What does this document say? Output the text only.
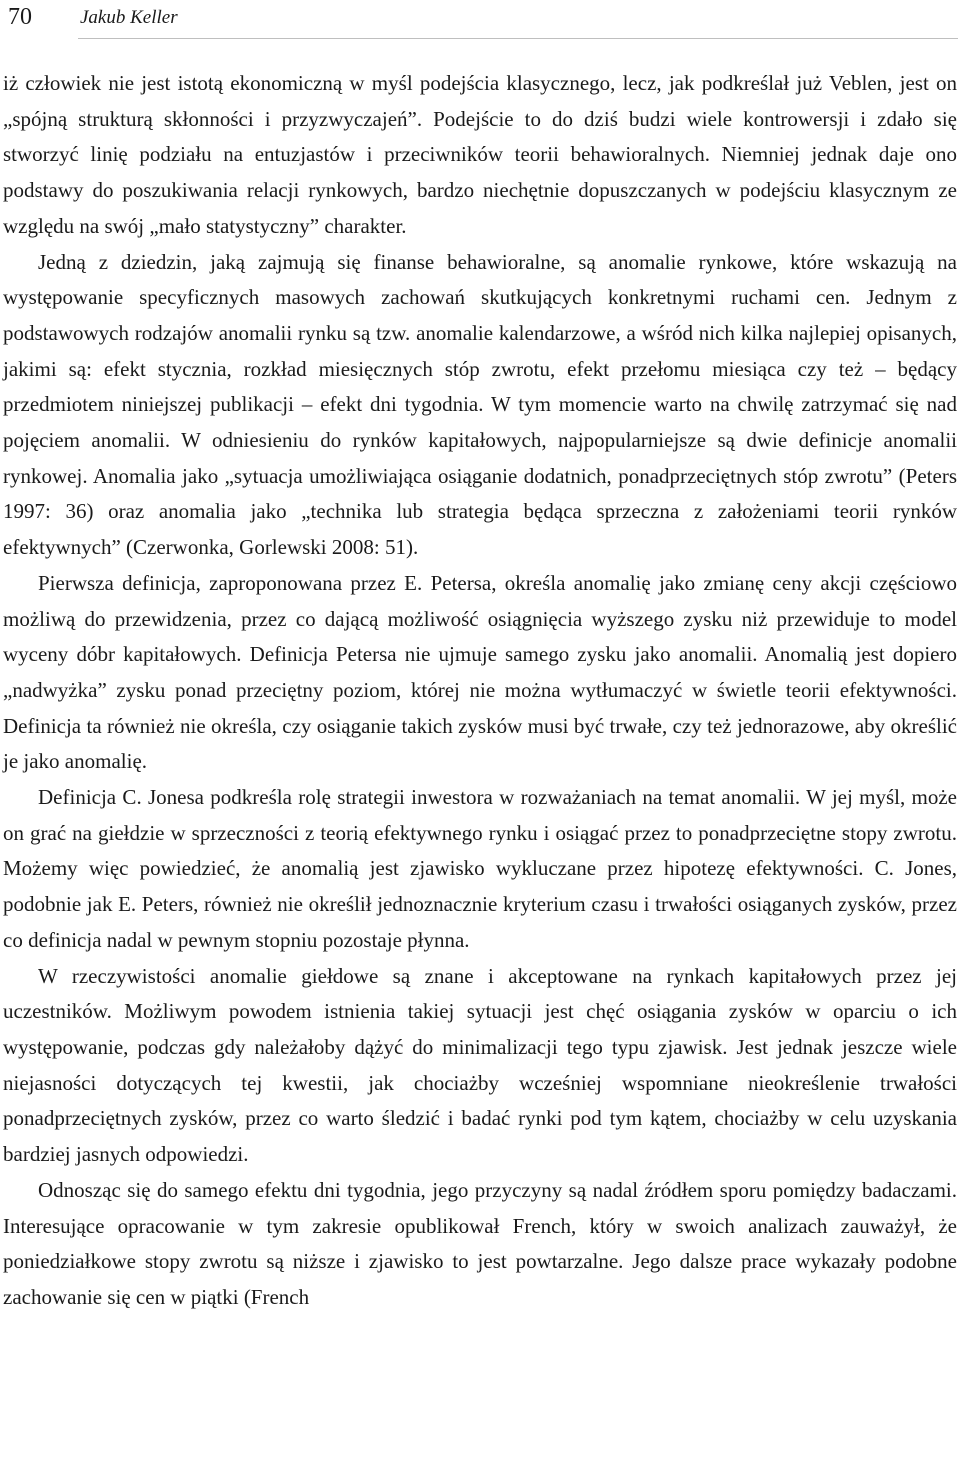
70	Jakub Keller

iż człowiek nie jest istotą ekonomiczną w myśl podejścia klasycznego, lecz, jak podkreślał już Veblen, jest on „spójną strukturą skłonności i przyzwyczajeń”. Podejście to do dziś budzi wiele kontrowersji i zdało się stworzyć linię podziału na entuzjastów i przeciwników teorii behawioralnych. Niemniej jednak daje ono podstawy do poszukiwania relacji rynkowych, bardzo niechętnie dopuszczanych w podejściu klasycznym ze względu na swój „mało statystyczny” charakter.

Jedną z dziedzin, jaką zajmują się finanse behawioralne, są anomalie rynkowe, które wskazują na występowanie specyficznych masowych zachowań skutkujących konkretnymi ruchami cen. Jednym z podstawowych rodzajów anomalii rynku są tzw. anomalie kalendarzowe, a wśród nich kilka najlepiej opisanych, jakimi są: efekt stycznia, rozkład miesięcznych stóp zwrotu, efekt przełomu miesiąca czy też – będący przedmiotem niniejszej publikacji – efekt dni tygodnia. W tym momencie warto na chwilę zatrzymać się nad pojęciem anomalii. W odniesieniu do rynków kapitałowych, najpopularniejsze są dwie definicje anomalii rynkowej. Anomalia jako „sytuacja umożliwiająca osiąganie dodatnich, ponadprzeciętnych stóp zwrotu” (Peters 1997: 36) oraz anomalia jako „technika lub strategia będąca sprzeczna z założeniami teorii rynków efektywnych” (Czerwonka, Gorlewski 2008: 51).

Pierwsza definicja, zaproponowana przez E. Petersa, określa anomalię jako zmianę ceny akcji częściowo możliwą do przewidzenia, przez co dającą możliwość osiągnięcia wyższego zysku niż przewiduje to model wyceny dóbr kapitałowych. Definicja Petersa nie ujmuje samego zysku jako anomalii. Anomalią jest dopiero „nadwyżka” zysku ponad przeciętny poziom, której nie można wytłumaczyć w świetle teorii efektywności. Definicja ta również nie określa, czy osiąganie takich zysków musi być trwałe, czy też jednorazowe, aby określić je jako anomalię.

Definicja C. Jonesa podkreśla rolę strategii inwestora w rozważaniach na temat anomalii. W jej myśl, może on grać na giełdzie w sprzeczności z teorią efektywnego rynku i osiągać przez to ponadprzeciętne stopy zwrotu. Możemy więc powiedzieć, że anomalią jest zjawisko wykluczane przez hipotezę efektywności. C. Jones, podobnie jak E. Peters, również nie określił jednoznacznie kryterium czasu i trwałości osiąganych zysków, przez co definicja nadal w pewnym stopniu pozostaje płynna.

W rzeczywistości anomalie giełdowe są znane i akceptowane na rynkach kapitałowych przez jej uczestników. Możliwym powodem istnienia takiej sytuacji jest chęć osiągania zysków w oparciu o ich występowanie, podczas gdy należałoby dążyć do minimalizacji tego typu zjawisk. Jest jednak jeszcze wiele niejasności dotyczących tej kwestii, jak chociażby wcześniej wspomniane nieokreślenie trwałości ponadprzeciętnych zysków, przez co warto śledzić i badać rynki pod tym kątem, chociażby w celu uzyskania bardziej jasnych odpowiedzi.

Odnosząc się do samego efektu dni tygodnia, jego przyczyny są nadal źródłem sporu pomiędzy badaczami. Interesujące opracowanie w tym zakresie opublikował French, który w swoich analizach zauważył, że poniedziałkowe stopy zwrotu są niższe i zjawisko to jest powtarzalne. Jego dalsze prace wykazały podobne zachowanie się cen w piątki (French
